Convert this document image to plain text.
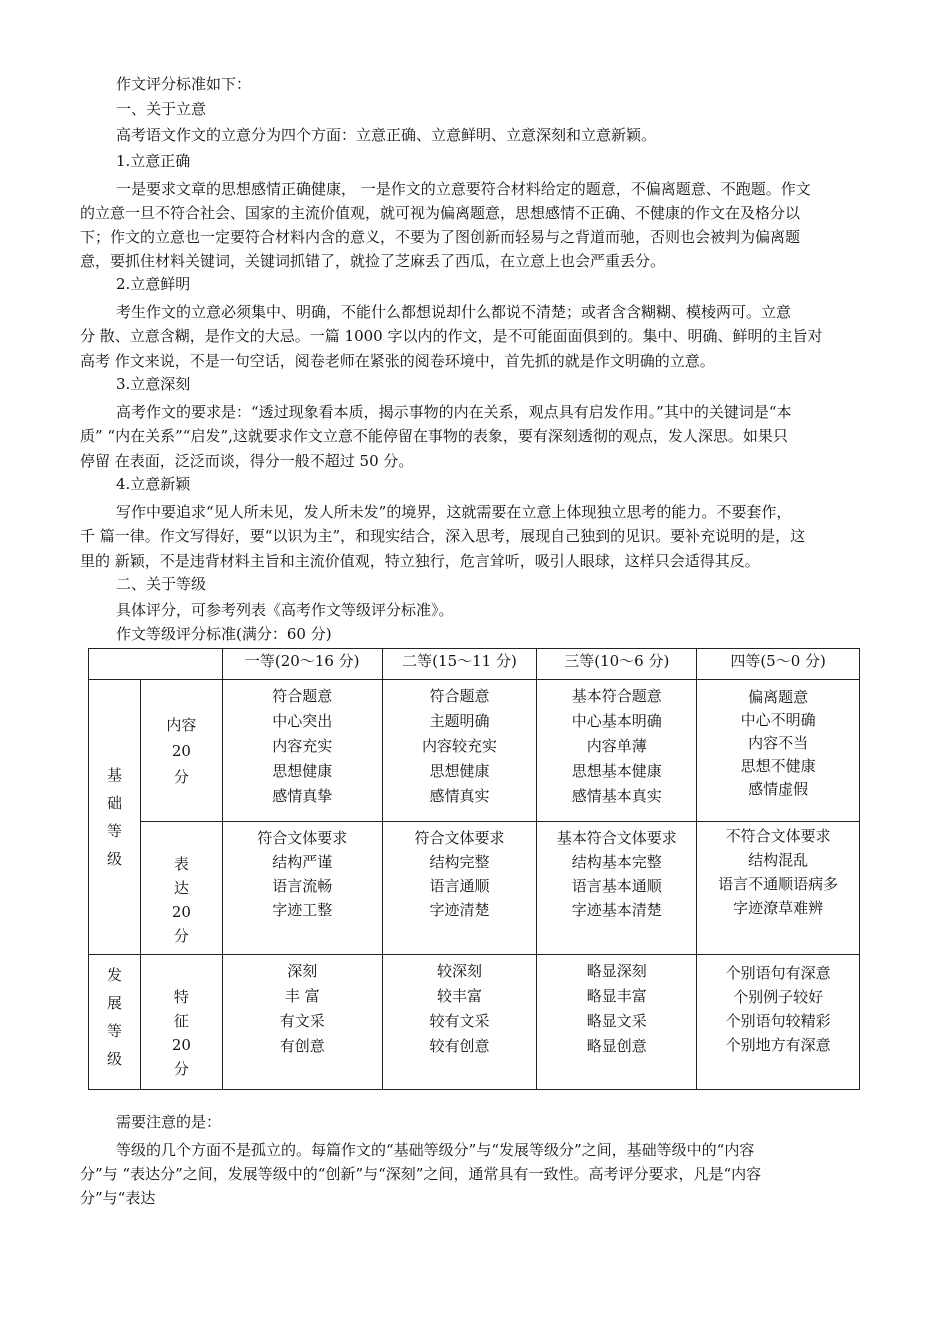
作文评分标准如下：
一、关于立意
高考语文作文的立意分为四个方面：立意正确、立意鲜明、立意深刻和立意新颖。
1.立意正确
一是要求文章的思想感情正确健康， 一是作文的立意要符合材料给定的题意，不偏离题意、不跑题。作文
的立意一旦不符合社会、国家的主流价值观，就可视为偏离题意，思想感情不正确、不健康的作文在及格分以
下；作文的立意也一定要符合材料内含的意义，不要为了图创新而轻易与之背道而驰，否则也会被判为偏离题
意，要抓住材料关键词，关键词抓错了，就捡了芝麻丢了西瓜，在立意上也会严重丢分。
2.立意鲜明
考生作文的立意必须集中、明确，不能什么都想说却什么都说不清楚；或者含含糊糊、模棱两可。立意
分 散、立意含糊，是作文的大忌。一篇 1000 字以内的作文，是不可能面面俱到的。集中、明确、鲜明的主旨对
高考 作文来说，不是一句空话，阅卷老师在紧张的阅卷环境中，首先抓的就是作文明确的立意。
3.立意深刻
高考作文的要求是：“透过现象看本质，揭示事物的内在关系，观点具有启发作用。”其中的关键词是“本
质” “内在关系”“启发”,这就要求作文立意不能停留在事物的表象，要有深刻透彻的观点，发人深思。如果只
停留 在表面，泛泛而谈，得分一般不超过 50 分。
4.立意新颖
写作中要追求“见人所未见，发人所未发”的境界，这就需要在立意上体现独立思考的能力。不要套作，
千 篇一律。作文写得好，要“以识为主”，和现实结合，深入思考，展现自己独到的见识。要补充说明的是，这
里的 新颖，不是违背材料主旨和主流价值观，特立独行，危言耸听，吸引人眼球，这样只会适得其反。
二、关于等级
具体评分，可参考列表《高考作文等级评分标准》。
作文等级评分标准(满分：60 分)
		一等(20～16 分)	二等(15～11 分)	三等(10～6 分)	四等(5～0 分)

基
础
等
级	内容
20
分	符合题意
中心突出
内容充实
思想健康
感情真挚	符合题意
主题明确
内容较充实
思想健康
感情真实	基本符合题意
中心基本明确
内容单薄
思想基本健康
感情基本真实	偏离题意
中心不明确
内容不当
思想不健康
感情虚假

	表
达
20
分	符合文体要求
结构严谨
语言流畅
字迹工整	符合文体要求
结构完整
语言通顺
字迹清楚	基本符合文体要求
结构基本完整
语言基本通顺
字迹基本清楚	不符合文体要求
结构混乱
语言不通顺语病多
字迹潦草难辨

发
展
等
级	特
征
20
分	深刻
丰 富
有文采
有创意	较深刻
较丰富
较有文采
较有创意	略显深刻
略显丰富
略显文采
略显创意	个别语句有深意
个别例子较好
个别语句较精彩
个别地方有深意
需要注意的是：
等级的几个方面不是孤立的。每篇作文的“基础等级分”与“发展等级分”之间，基础等级中的“内容
分”与 “表达分”之间，发展等级中的“创新”与“深刻”之间，通常具有一致性。高考评分要求，凡是“内容
分”与“表达
